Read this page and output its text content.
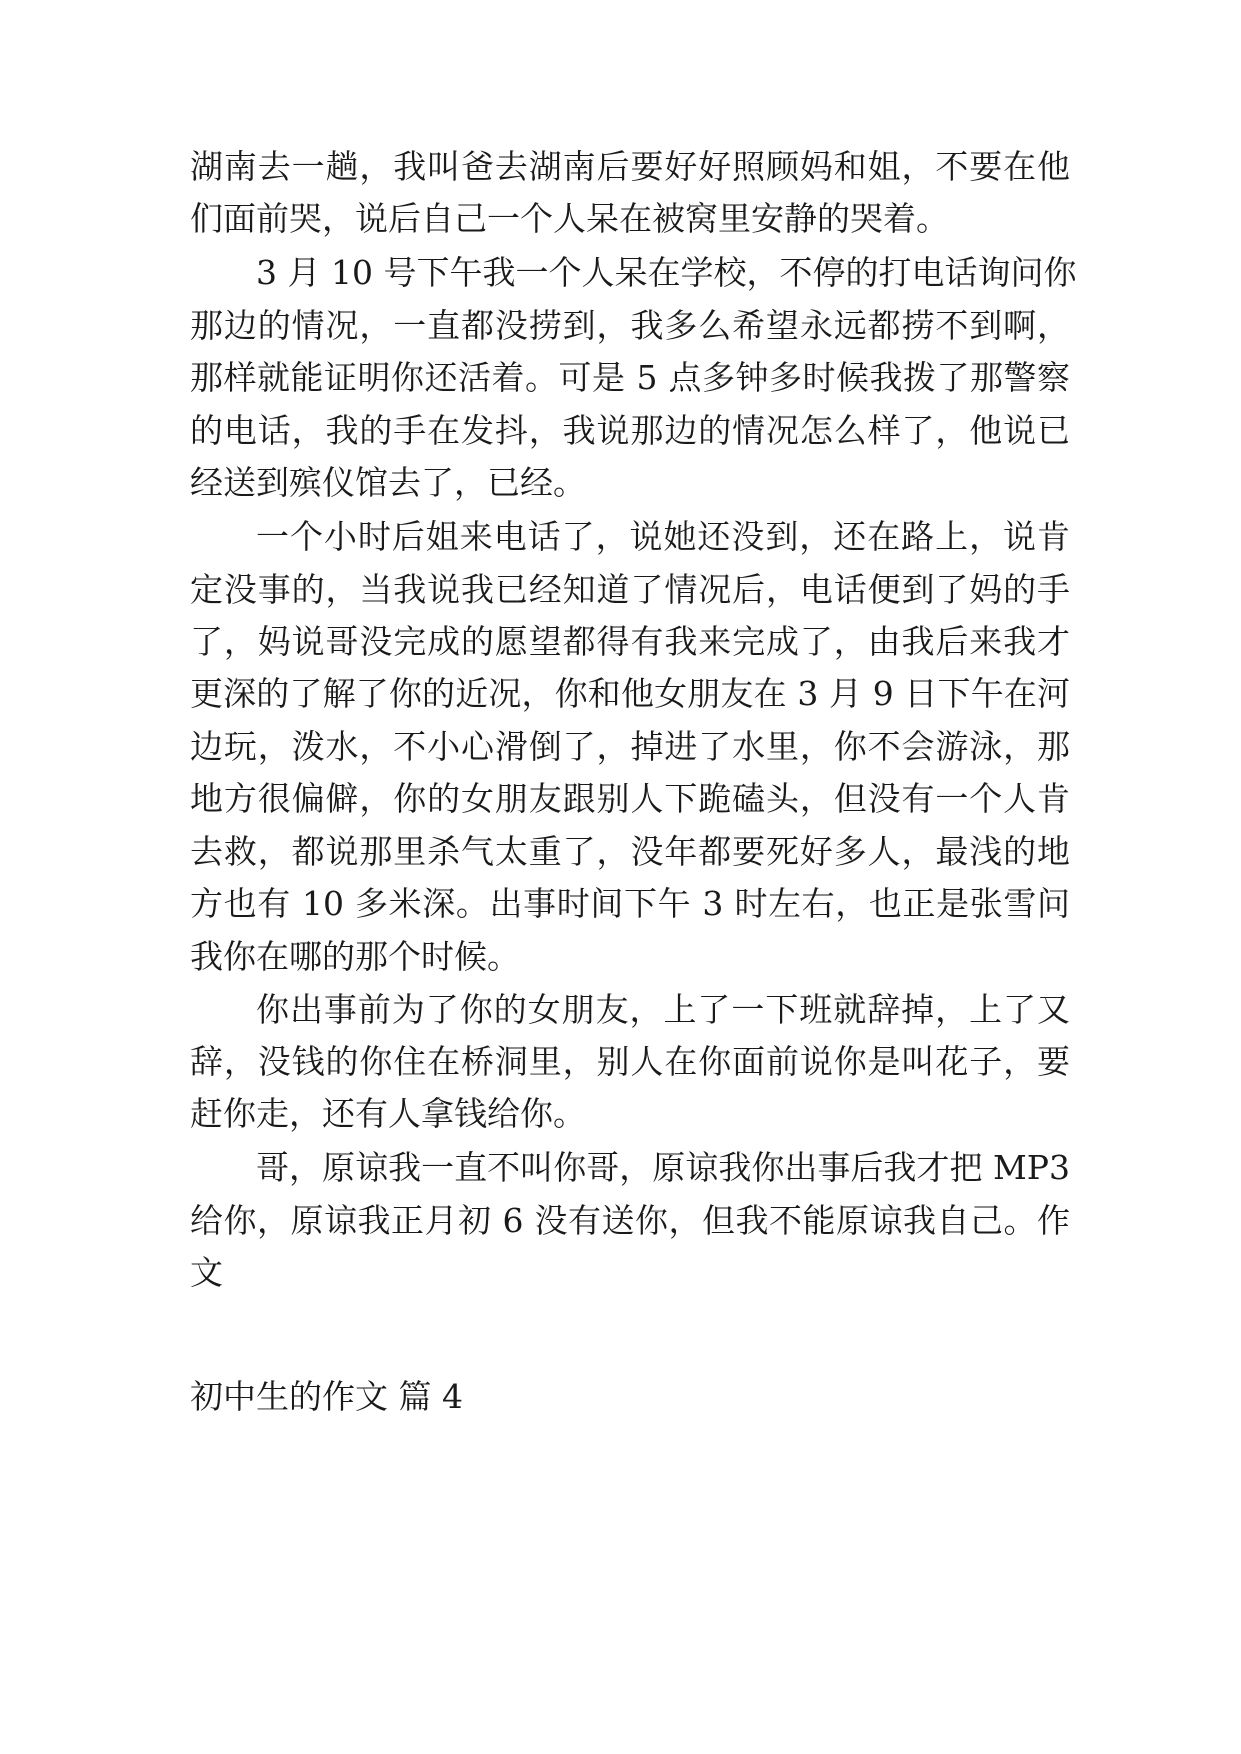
湖南去一趟，我叫爸去湖南后要好好照顾妈和姐，不要在他
们面前哭，说后自己一个人呆在被窝里安静的哭着。
3 月 10 号下午我一个人呆在学校，不停的打电话询问你
那边的情况，一直都没捞到，我多么希望永远都捞不到啊，
那样就能证明你还活着。可是 5 点多钟多时候我拨了那警察
的电话，我的手在发抖，我说那边的情况怎么样了，他说已
经送到殡仪馆去了，已经。
一个小时后姐来电话了，说她还没到，还在路上，说肯
定没事的，当我说我已经知道了情况后，电话便到了妈的手
了，妈说哥没完成的愿望都得有我来完成了，由我后来我才
更深的了解了你的近况，你和他女朋友在 3 月 9 日下午在河
边玩，泼水，不小心滑倒了，掉进了水里，你不会游泳，那
地方很偏僻，你的女朋友跟别人下跪磕头，但没有一个人肯
去救，都说那里杀气太重了，没年都要死好多人，最浅的地
方也有 10 多米深。出事时间下午 3 时左右，也正是张雪问
我你在哪的那个时候。
你出事前为了你的女朋友，上了一下班就辞掉，上了又
辞，没钱的你住在桥洞里，别人在你面前说你是叫花子，要
赶你走，还有人拿钱给你。
哥，原谅我一直不叫你哥，原谅我你出事后我才把 MP3
给你，原谅我正月初 6 没有送你，但我不能原谅我自己。作
文
初中生的作文 篇 4
